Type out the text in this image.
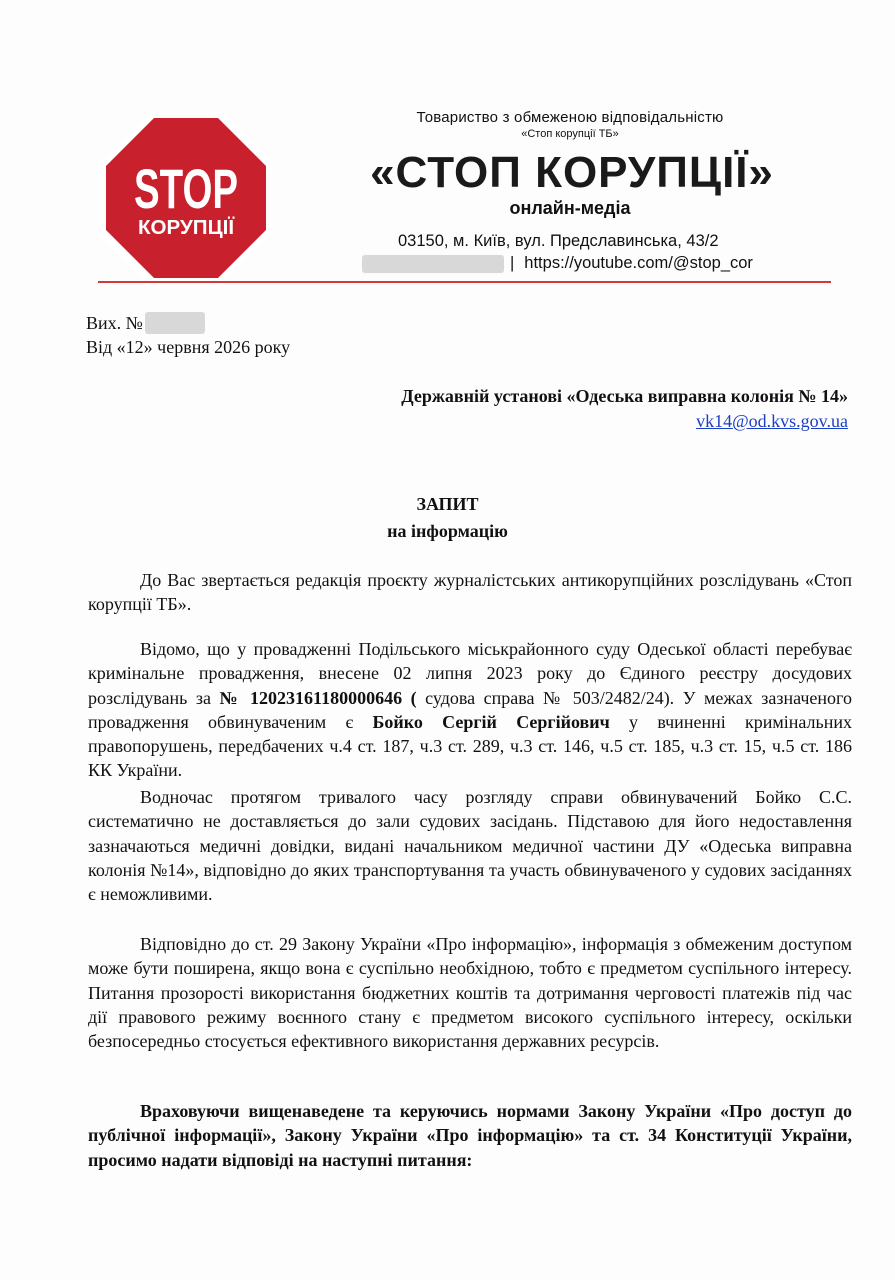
STOP
КОРУПЦІЇ
Товариство з обмеженою відповідальністю
«Стоп корупції ТБ»
«СТОП КОРУПЦІЇ»
онлайн-медіа
03150, м. Київ, вул. Предславинська, 43/2
| https://youtube.com/@stop_cor
Вих. №
Від «12» червня 2026 року
Державній установі «Одеська виправна колонія № 14»
vk14@od.kvs.gov.ua
ЗАПИТ
на інформацію

До Вас звертається редакція проєкту журналістських антикорупційних розслідувань «Стоп корупції ТБ».

Відомо, що у провадженні Подільського міськрайонного суду Одеської області перебуває кримінальне провадження, внесене 02 липня 2023 року до Єдиного реєстру досудових розслідувань за № 12023161180000646 ( судова справа № 503/2482/24). У межах зазначеного провадження обвинуваченим є Бойко Сергій Сергійович у вчиненні кримінальних правопорушень, передбачених ч.4 ст. 187, ч.3 ст. 289, ч.3 ст. 146, ч.5 ст. 185, ч.3 ст. 15, ч.5 ст. 186 КК України.

Водночас протягом тривалого часу розгляду справи обвинувачений Бойко С.С. систематично не доставляється до зали судових засідань. Підставою для його недоставлення зазначаються медичні довідки, видані начальником медичної частини ДУ «Одеська виправна колонія №14», відповідно до яких транспортування та участь обвинуваченого у судових засіданнях є неможливими.

Відповідно до ст. 29 Закону України «Про інформацію», інформація з обмеженим доступом може бути поширена, якщо вона є суспільно необхідною, тобто є предметом суспільного інтересу. Питання прозорості використання бюджетних коштів та дотримання черговості платежів під час дії правового режиму воєнного стану є предметом високого суспільного інтересу, оскільки безпосередньо стосується ефективного використання державних ресурсів.

Враховуючи вищенаведене та керуючись нормами Закону України «Про доступ до публічної інформації», Закону України «Про інформацію» та ст. 34 Конституції України, просимо надати відповіді на наступні питання:
